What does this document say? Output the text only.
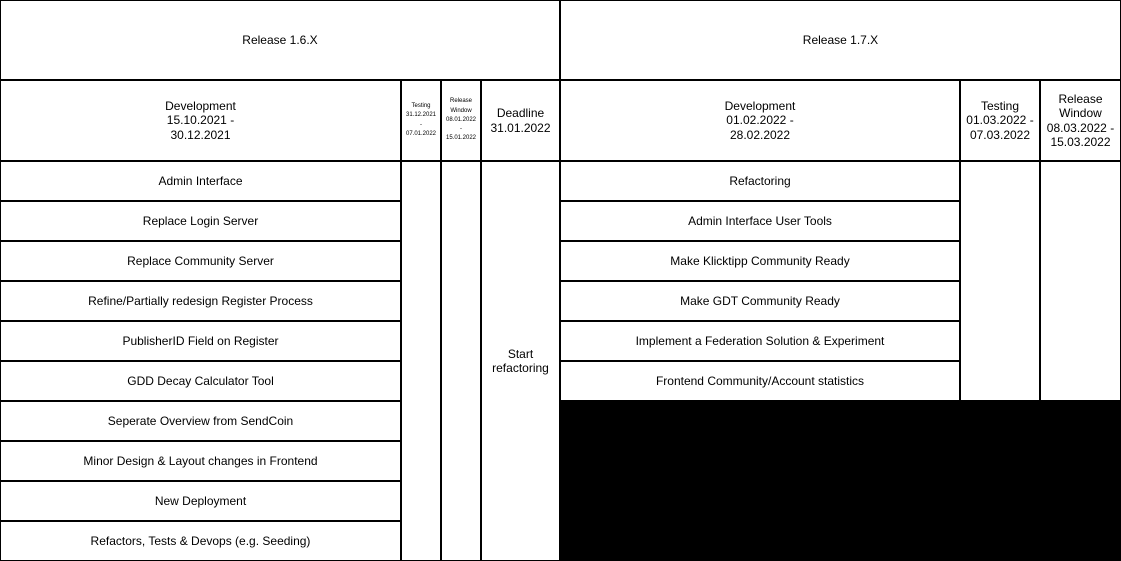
Release 1.6.X
Development
15.10.2021 -
30.12.2021
Testing
31.12.2021
-
07.01.2022
Release
Window
08.01.2022
-
15.01.2022
Deadline
31.01.2022
Admin Interface
Replace Login Server
Replace Community Server
Refine/Partially redesign Register Process
PublisherID Field on Register
GDD Decay Calculator Tool
Seperate Overview from SendCoin
Minor Design & Layout changes in Frontend
New Deployment
Refactors, Tests & Devops (e.g. Seeding)
Start
refactoring
Release 1.7.X
Development
01.02.2022 -
28.02.2022
Testing
01.03.2022 -
07.03.2022
Release
Window
08.03.2022 -
15.03.2022
Refactoring
Admin Interface User Tools
Make Klicktipp Community Ready
Make GDT Community Ready
Implement a Federation Solution & Experiment
Frontend Community/Account statistics
